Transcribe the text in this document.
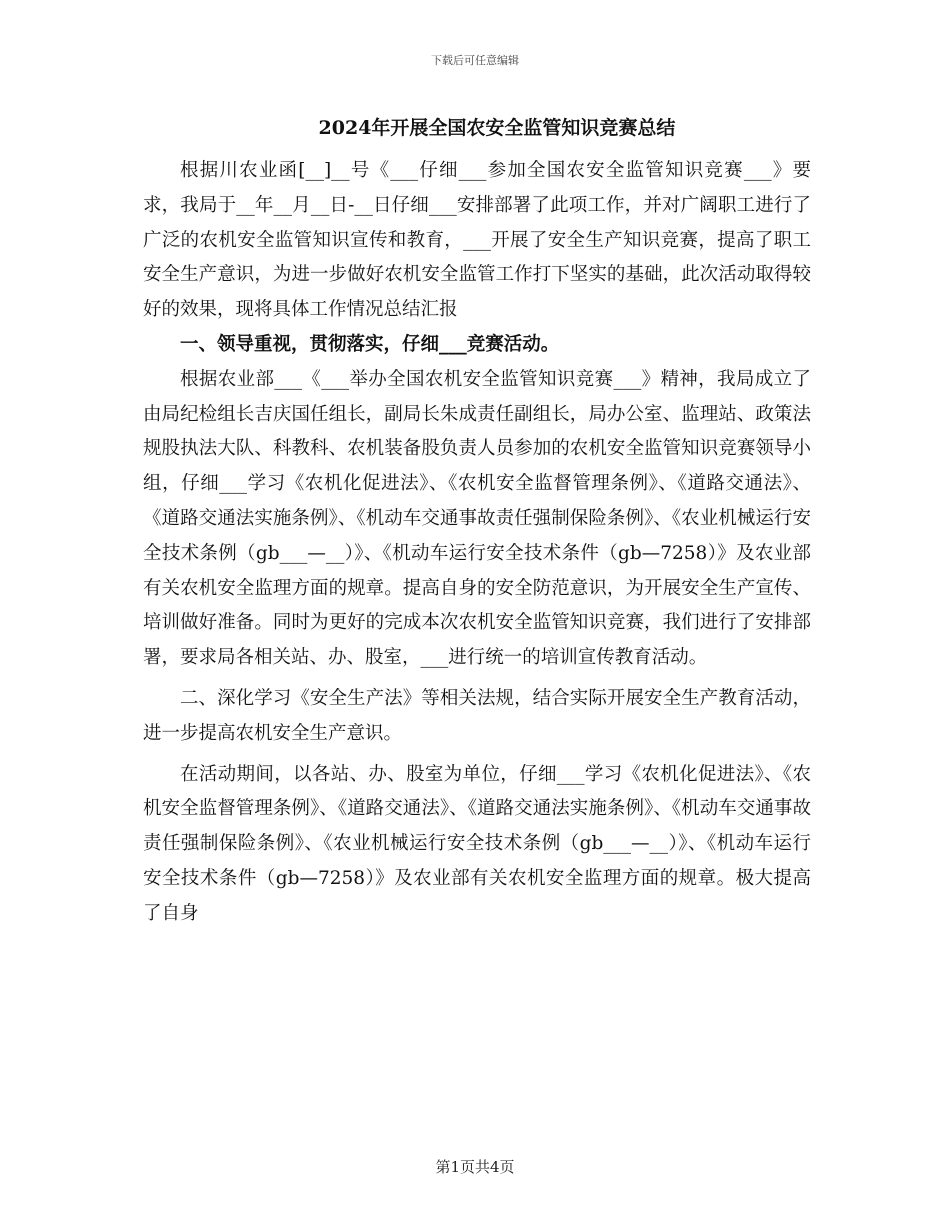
下载后可任意编辑
2024年开展全国农安全监管知识竞赛总结

根据川农业函[__]__号《___仔细___参加全国农安全监管知识竞赛___》要求，我局于__年__月__日-__日仔细___安排部署了此项工作，并对广阔职工进行了广泛的农机安全监管知识宣传和教育，___开展了安全生产知识竞赛，提高了职工安全生产意识，为进一步做好农机安全监管工作打下坚实的基础，此次活动取得较好的效果，现将具体工作情况总结汇报

一、领导重视，贯彻落实，仔细___竞赛活动。

根据农业部___《___举办全国农机安全监管知识竞赛___》精神，我局成立了由局纪检组长吉庆国任组长，副局长朱成责任副组长，局办公室、监理站、政策法规股执法大队、科教科、农机装备股负责人员参加的农机安全监管知识竞赛领导小组，仔细___学习《农机化促进法》、《农机安全监督管理条例》、《道路交通法》、《道路交通法实施条例》、《机动车交通事故责任强制保险条例》、《农业机械运行安全技术条例（gb___—__）》、《机动车运行安全技术条件（gb—7258）》及农业部有关农机安全监理方面的规章。提高自身的安全防范意识，为开展安全生产宣传、培训做好准备。同时为更好的完成本次农机安全监管知识竞赛，我们进行了安排部署，要求局各相关站、办、股室，___进行统一的培训宣传教育活动。

二、深化学习《安全生产法》等相关法规，结合实际开展安全生产教育活动，进一步提高农机安全生产意识。

在活动期间，以各站、办、股室为单位，仔细___学习《农机化促进法》、《农机安全监督管理条例》、《道路交通法》、《道路交通法实施条例》、《机动车交通事故责任强制保险条例》、《农业机械运行安全技术条例（gb___—__）》、《机动车运行安全技术条件（gb—7258）》及农业部有关农机安全监理方面的规章。极大提高了自身

第1页共4页
